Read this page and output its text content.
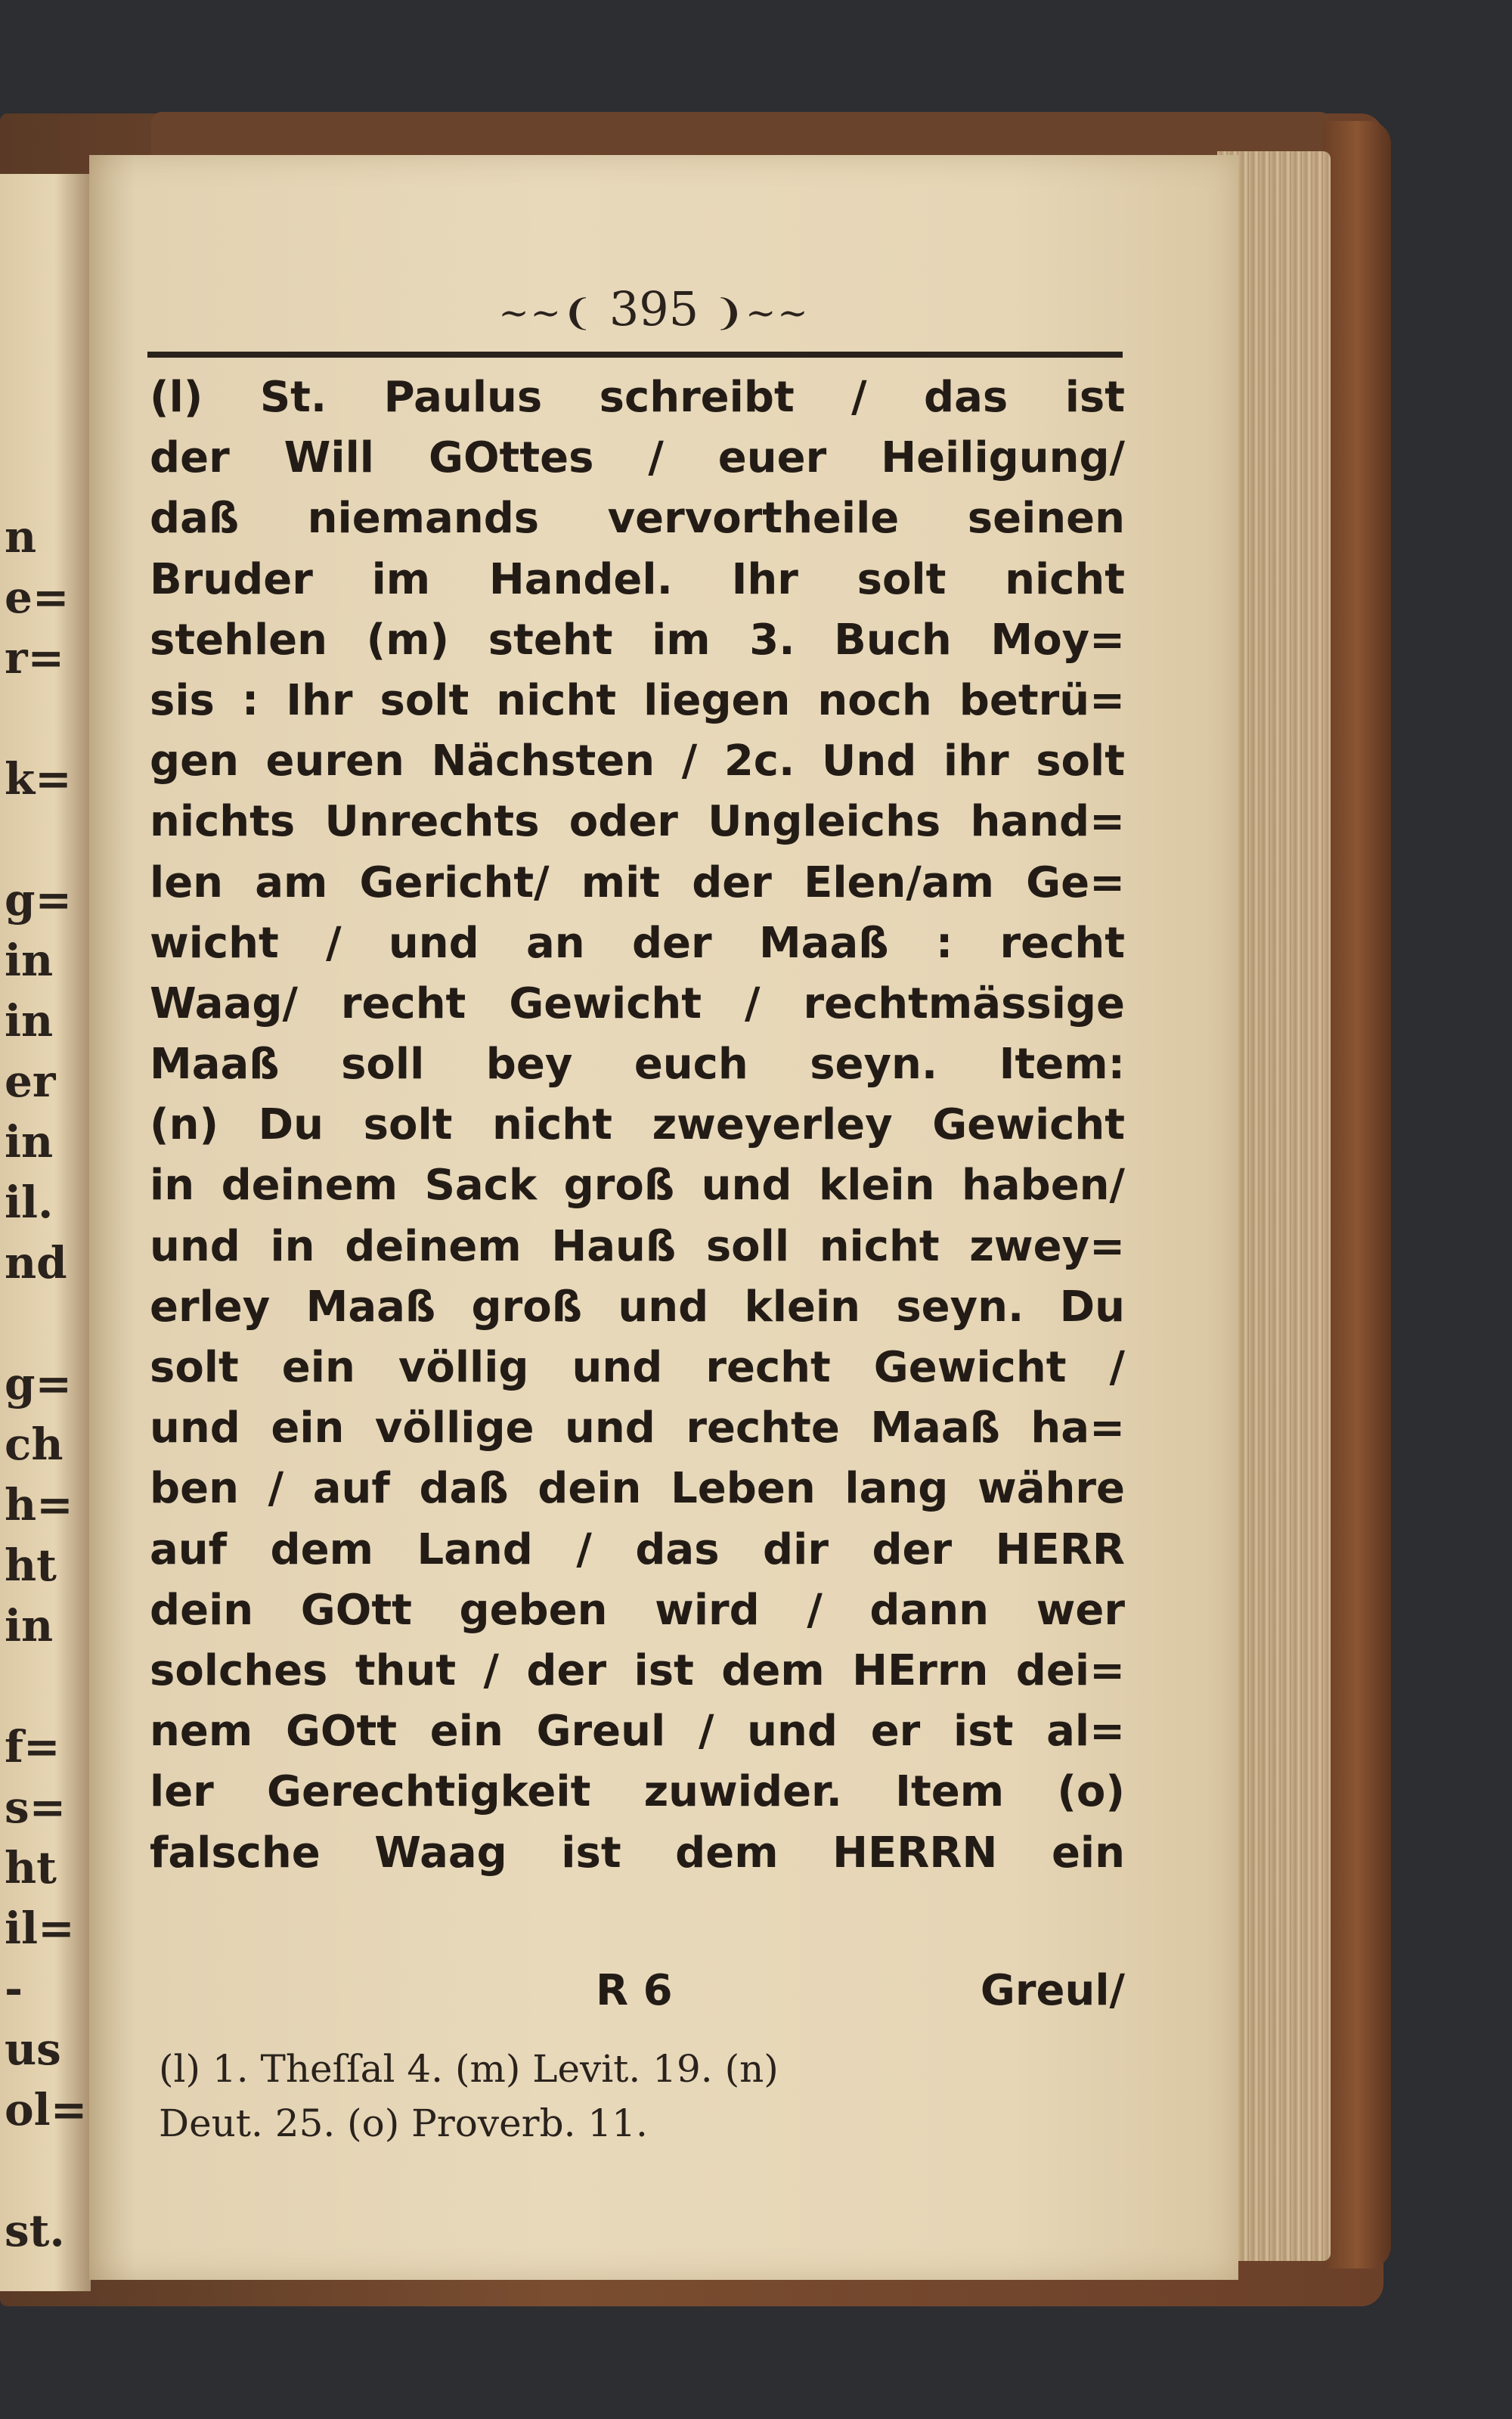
n
e=
r=
k=
g=
in
in
er
in
il.
nd
g=
ch
h=
ht
in
f=
s=
ht
il=
-
us
ol=
st.
~~❨ 395 ❩~~
(l) St. Paulus schreibt / das ist
der Will GOttes / euer Heiligung/
daß niemands vervortheile seinen
Bruder im Handel. Ihr solt nicht
stehlen (m) steht im 3. Buch Moy=
sis : Ihr solt nicht liegen noch betrü=
gen euren Nächsten / 2c. Und ihr solt
nichts Unrechts oder Ungleichs hand=
len am Gericht/ mit der Elen/am Ge=
wicht / und an der Maaß : recht
Waag/ recht Gewicht / rechtmässige
Maaß soll bey euch seyn. Item:
(n) Du solt nicht zweyerley Gewicht
in deinem Sack groß und klein haben/
und in deinem Hauß soll nicht zwey=
erley Maaß groß und klein seyn. Du
solt ein völlig und recht Gewicht /
und ein völlige und rechte Maaß ha=
ben / auf daß dein Leben lang währe
auf dem Land / das dir der HERR
dein GOtt geben wird / dann wer
solches thut / der ist dem HErrn dei=
nem GOtt ein Greul / und er ist al=
ler Gerechtigkeit zuwider. Item (o)
falsche Waag ist dem HERRN ein
R 6	Greul/
(l) 1. Theſſal 4. (m) Levit. 19. (n)
Deut. 25. (o) Proverb. 11.
